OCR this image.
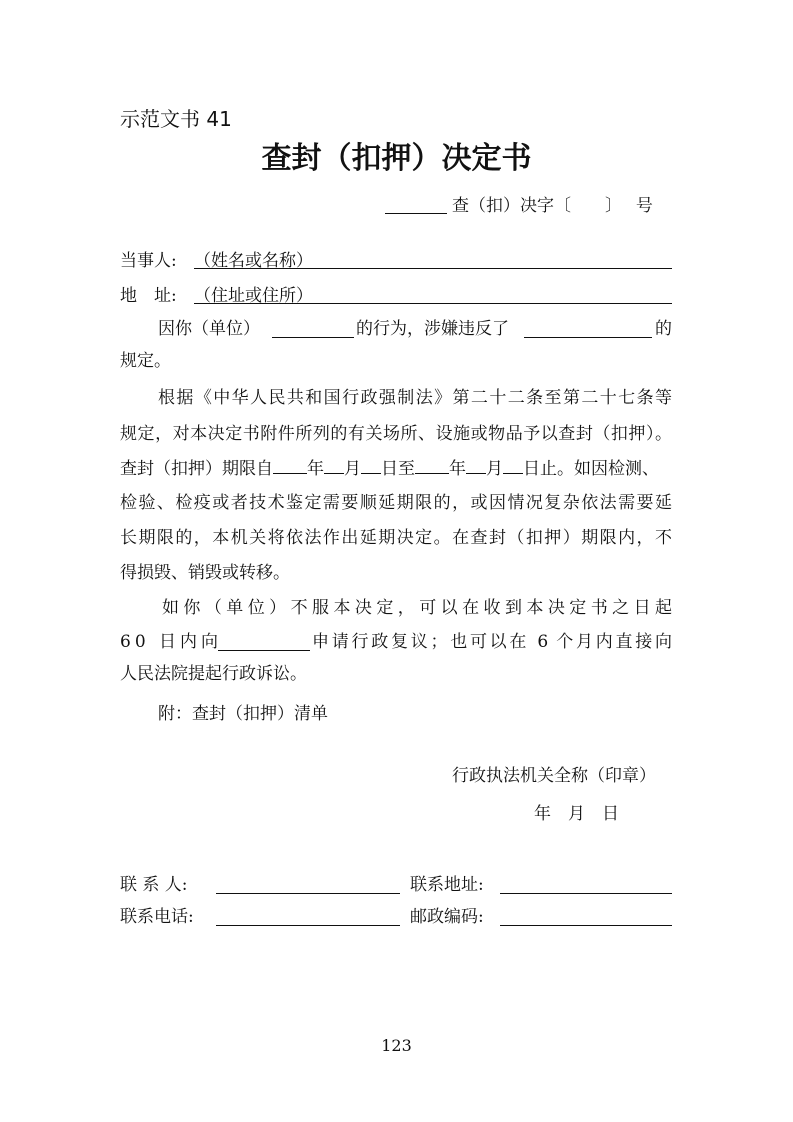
示范文书 41
查封（扣押）决定书
查（扣）决字〔　　〕　 号
当事人: （姓名或名称）
地　址: （住址或住所）
因你（单位）	的行为，涉嫌违反了	的
规定。
根据《中华人民共和国行政强制法》第二十二条至第二十七条等
规定，对本决定书附件所列的有关场所、设施或物品予以查封（扣押）。
查封（扣押）期限自 年 月 日至 年 月 日止。如因检测、
检验、检疫或者技术鉴定需要顺延期限的，或因情况复杂依法需要延
长期限的，本机关将依法作出延期决定。在查封（扣押）期限内，不
得损毁、销毁或转移。
如你（单位）不服本决定，可以在收到本决定书之日起
60 日内向	申请行政复议；也可以在 6 个月内直接向
人民法院提起行政诉讼。
附：查封（扣押）清单
行政执法机关全称（印章）
年　月　日
联 系 人:	联系地址:
联系电话:	邮政编码:
123
